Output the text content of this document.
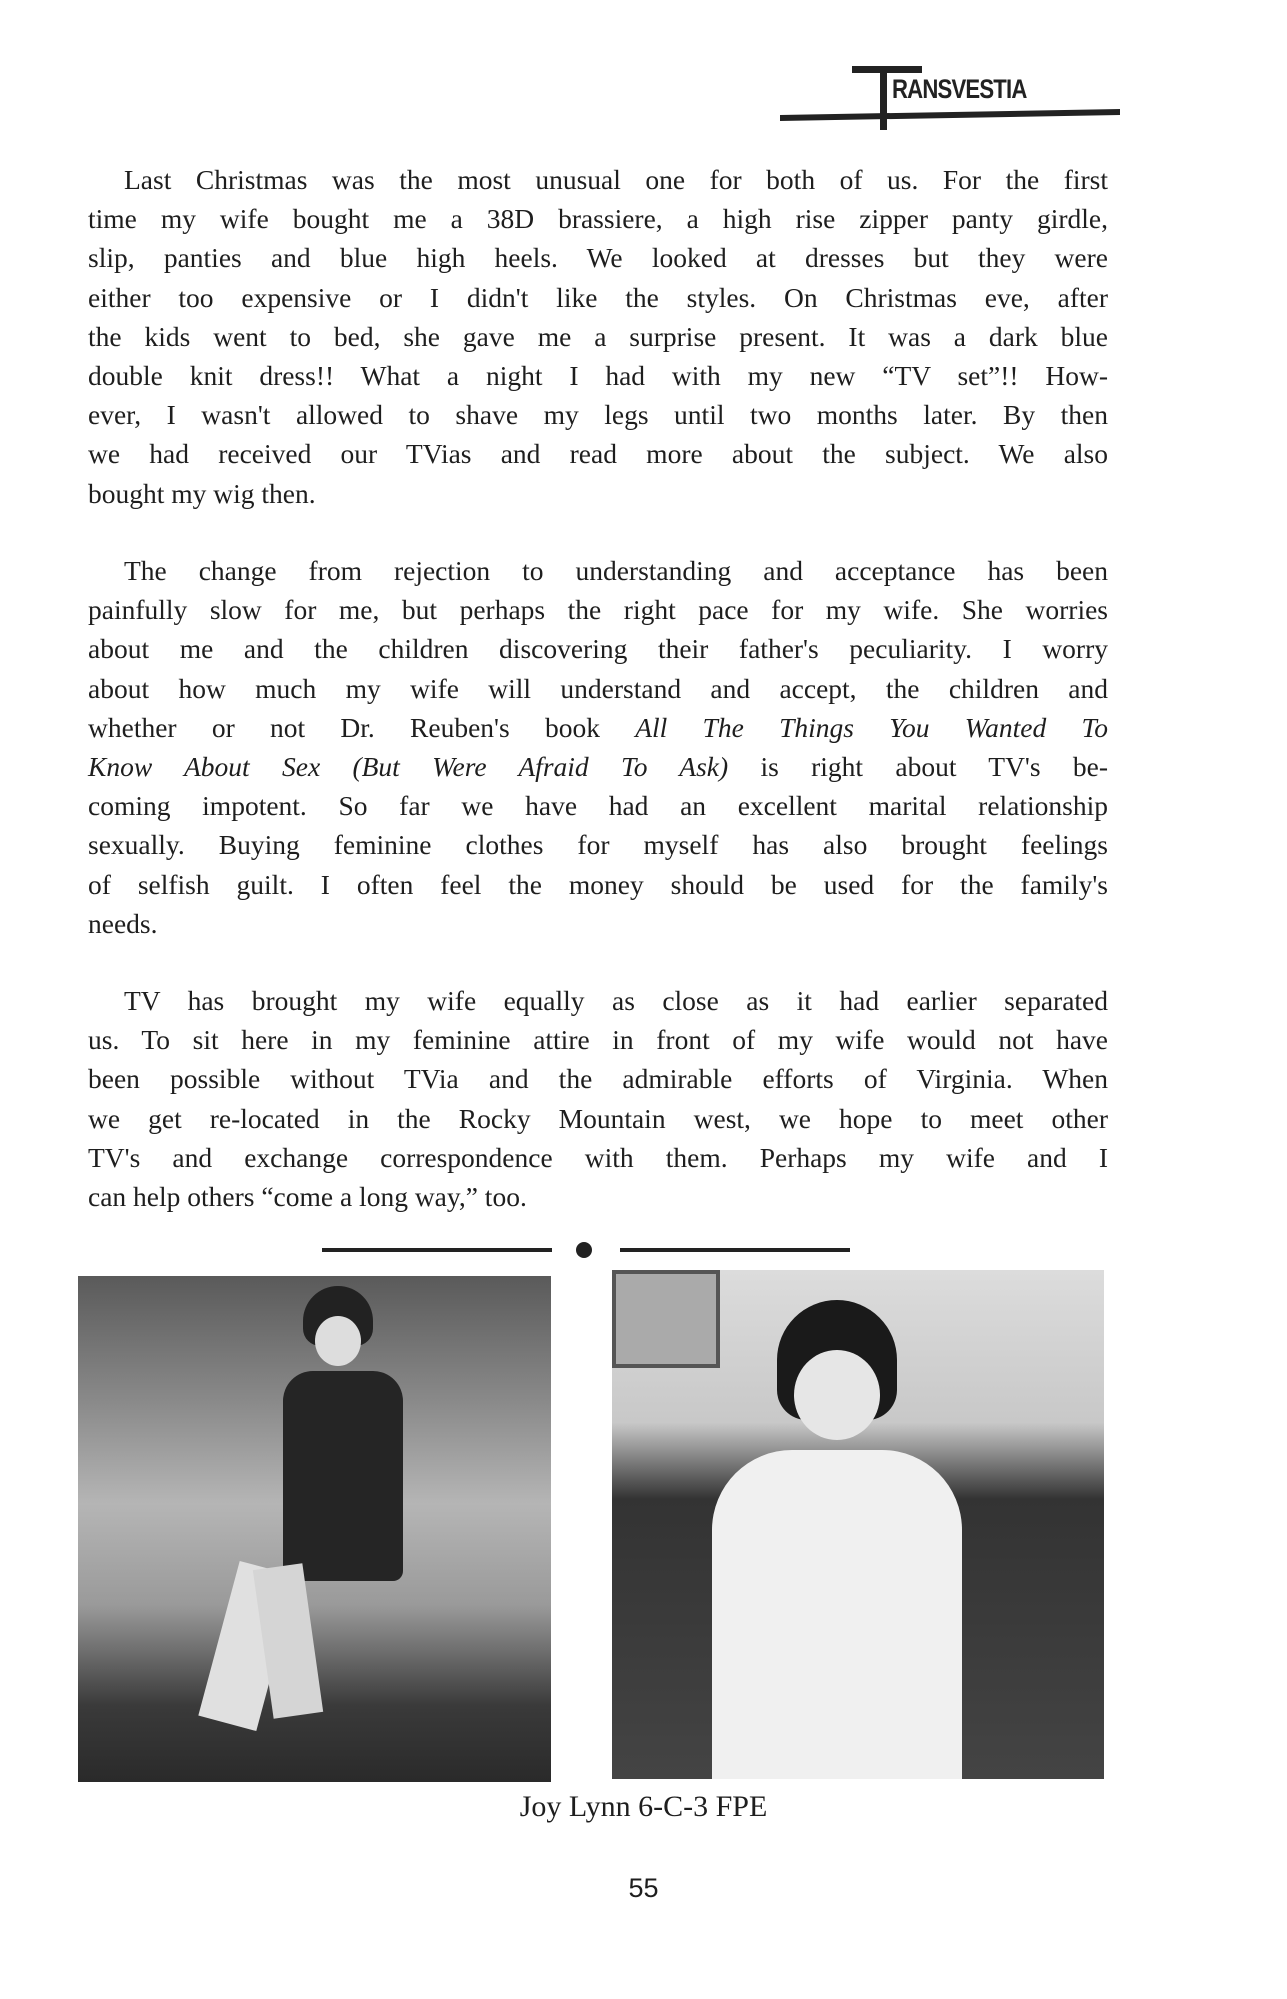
RANSVESTIA
Last Christmas was the most unusual one for both of us. For the first
time my wife bought me a 38D brassiere, a high rise zipper panty girdle,
slip, panties and blue high heels. We looked at dresses but they were
either too expensive or I didn't like the styles. On Christmas eve, after
the kids went to bed, she gave me a surprise present. It was a dark blue
double knit dress!! What a night I had with my new “TV set”!! How-
ever, I wasn't allowed to shave my legs until two months later. By then
we had received our TVias and read more about the subject. We also
bought my wig then.
The change from rejection to understanding and acceptance has been
painfully slow for me, but perhaps the right pace for my wife. She worries
about me and the children discovering their father's peculiarity. I worry
about how much my wife will understand and accept, the children and
whether or not Dr. Reuben's book All The Things You Wanted To
Know About Sex (But Were Afraid To Ask) is right about TV's be-
coming impotent. So far we have had an excellent marital relationship
sexually. Buying feminine clothes for myself has also brought feelings
of selfish guilt. I often feel the money should be used for the family's
needs.
TV has brought my wife equally as close as it had earlier separated
us. To sit here in my feminine attire in front of my wife would not have
been possible without TVia and the admirable efforts of Virginia. When
we get re-located in the Rocky Mountain west, we hope to meet other
TV's and exchange correspondence with them. Perhaps my wife and I
can help others “come a long way,” too.
Joy Lynn 6-C-3 FPE
55
